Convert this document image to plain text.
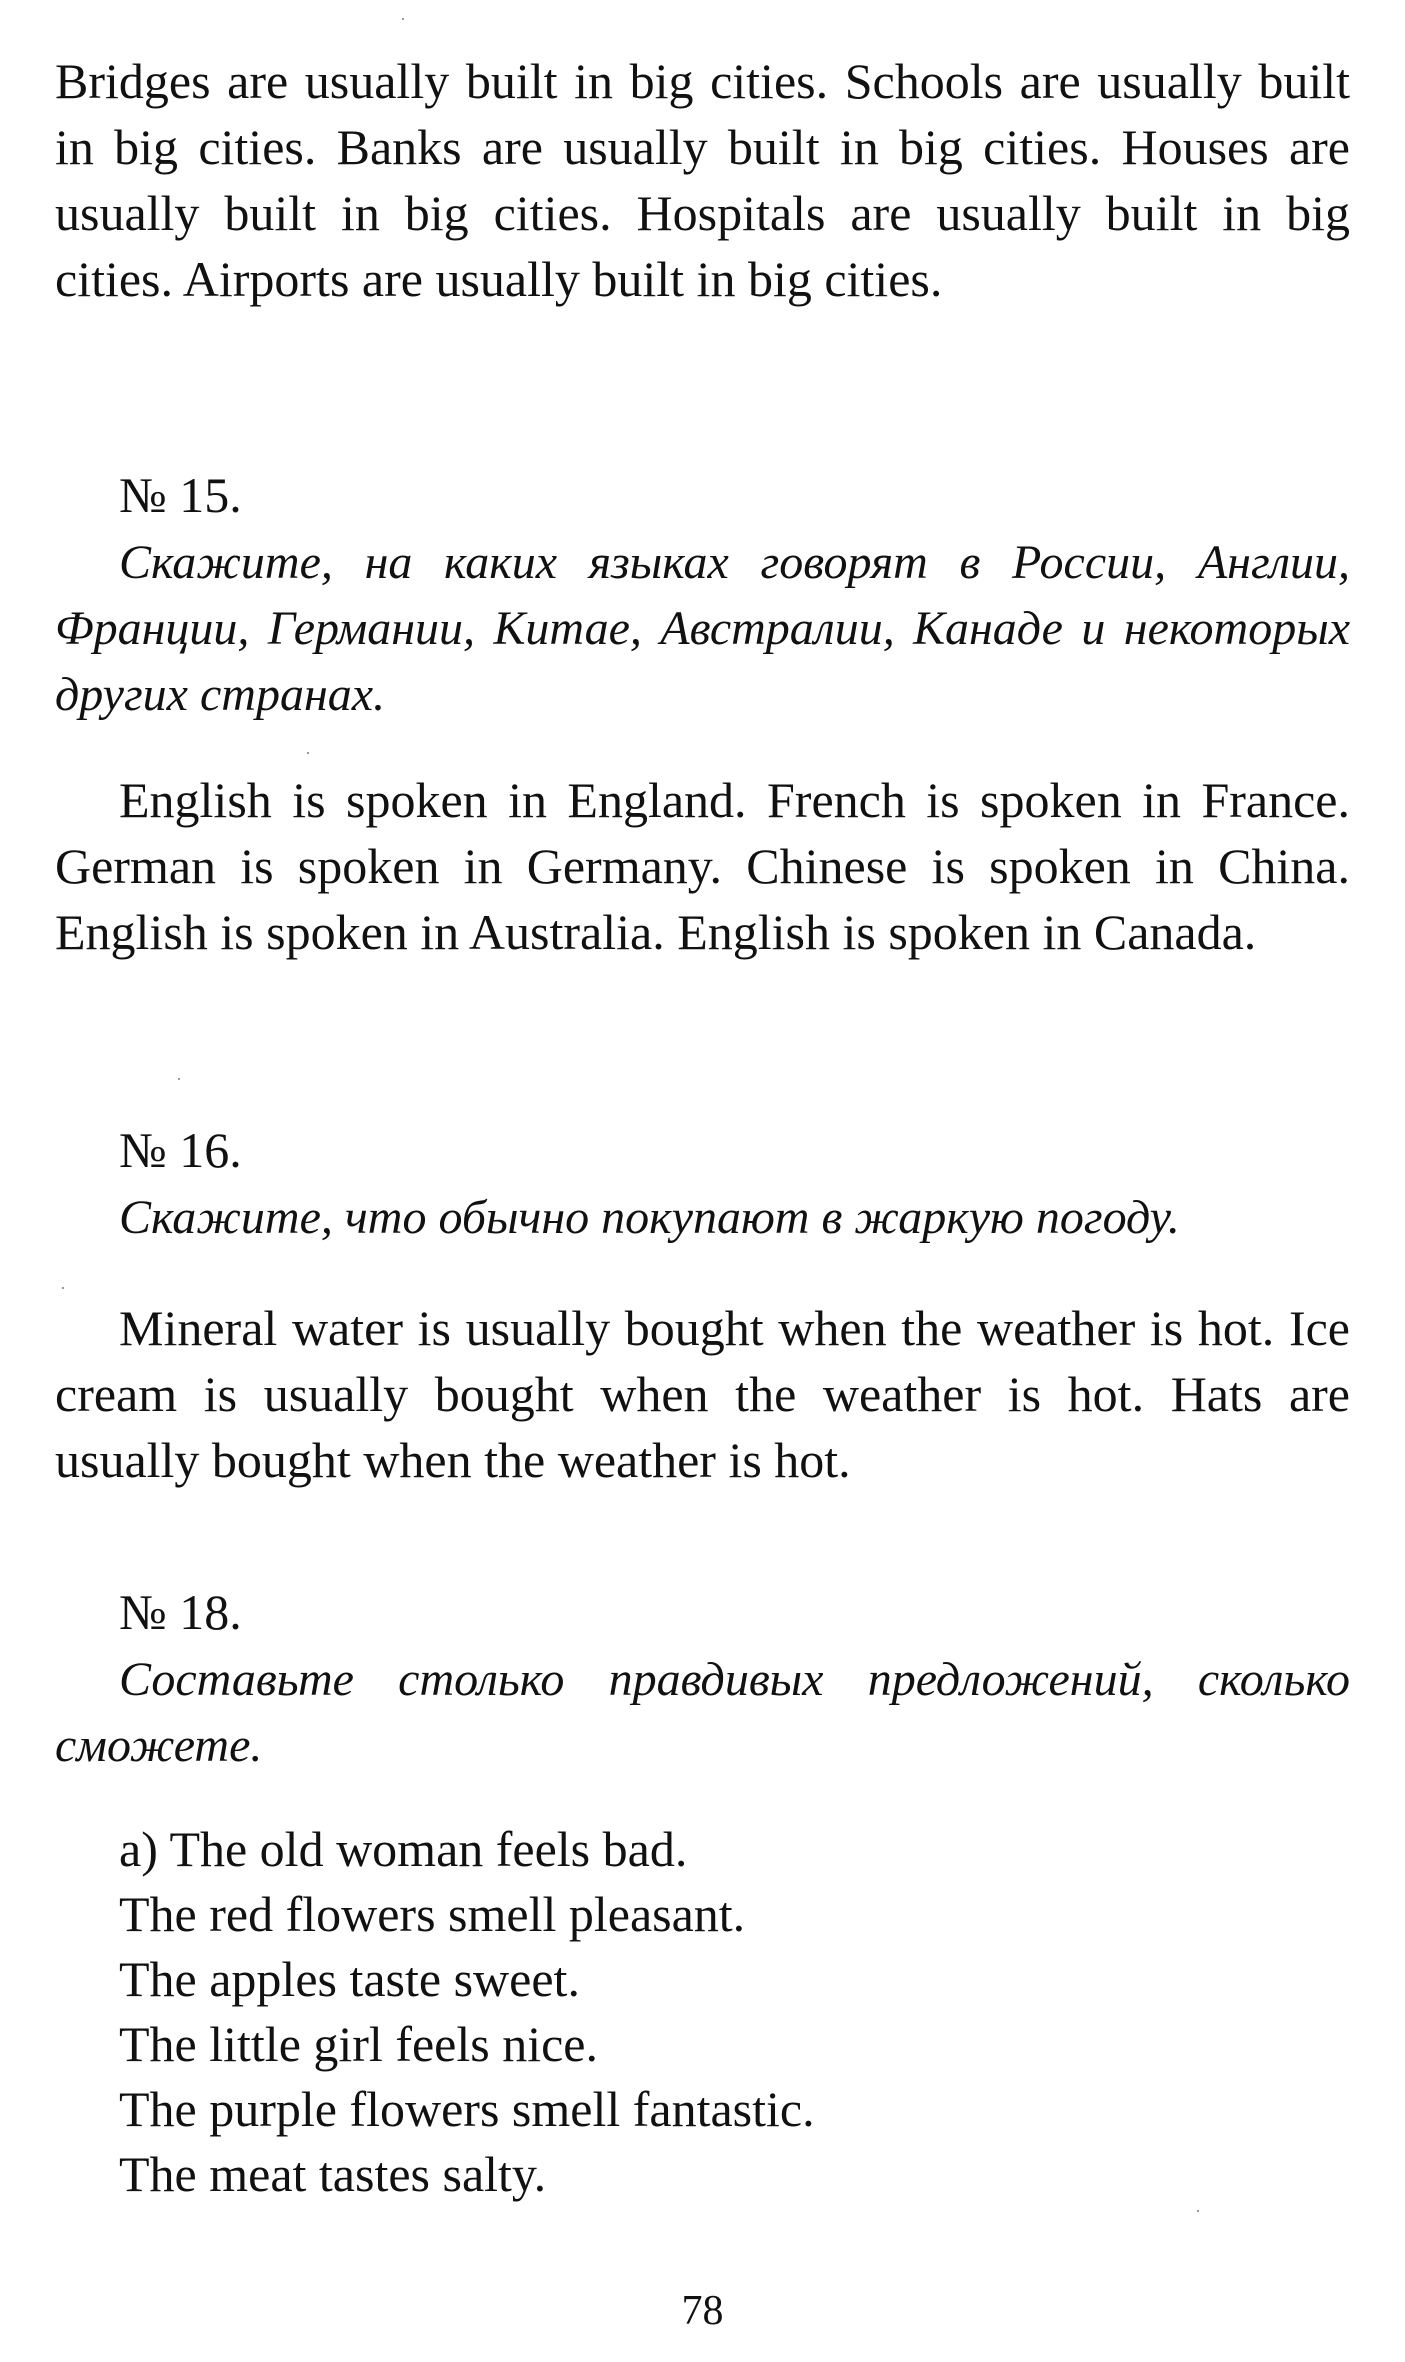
Bridges are usually built in big cities. Schools are usually built in big cities. Banks are usually built in big cities. Houses are usually built in big cities. Hospitals are usually built in big cities. Airports are usually built in big cities.

№ 15.

Скажите, на каких языках говорят в России, Англии, Франции, Германии, Китае, Австралии, Канаде и некоторых других странах.

English is spoken in England. French is spoken in France. German is spoken in Germany. Chinese is spoken in China. English is spoken in Australia. English is spoken in Canada.

№ 16.

Скажите, что обычно покупают в жаркую погоду.

Mineral water is usually bought when the weather is hot. Ice cream is usually bought when the weather is hot. Hats are usually bought when the weather is hot.

№ 18.

Составьте столько правдивых предложений, сколько сможете.

a) The old woman feels bad.
The red flowers smell pleasant.
The apples taste sweet.
The little girl feels nice.
The purple flowers smell fantastic.
The meat tastes salty.
78
